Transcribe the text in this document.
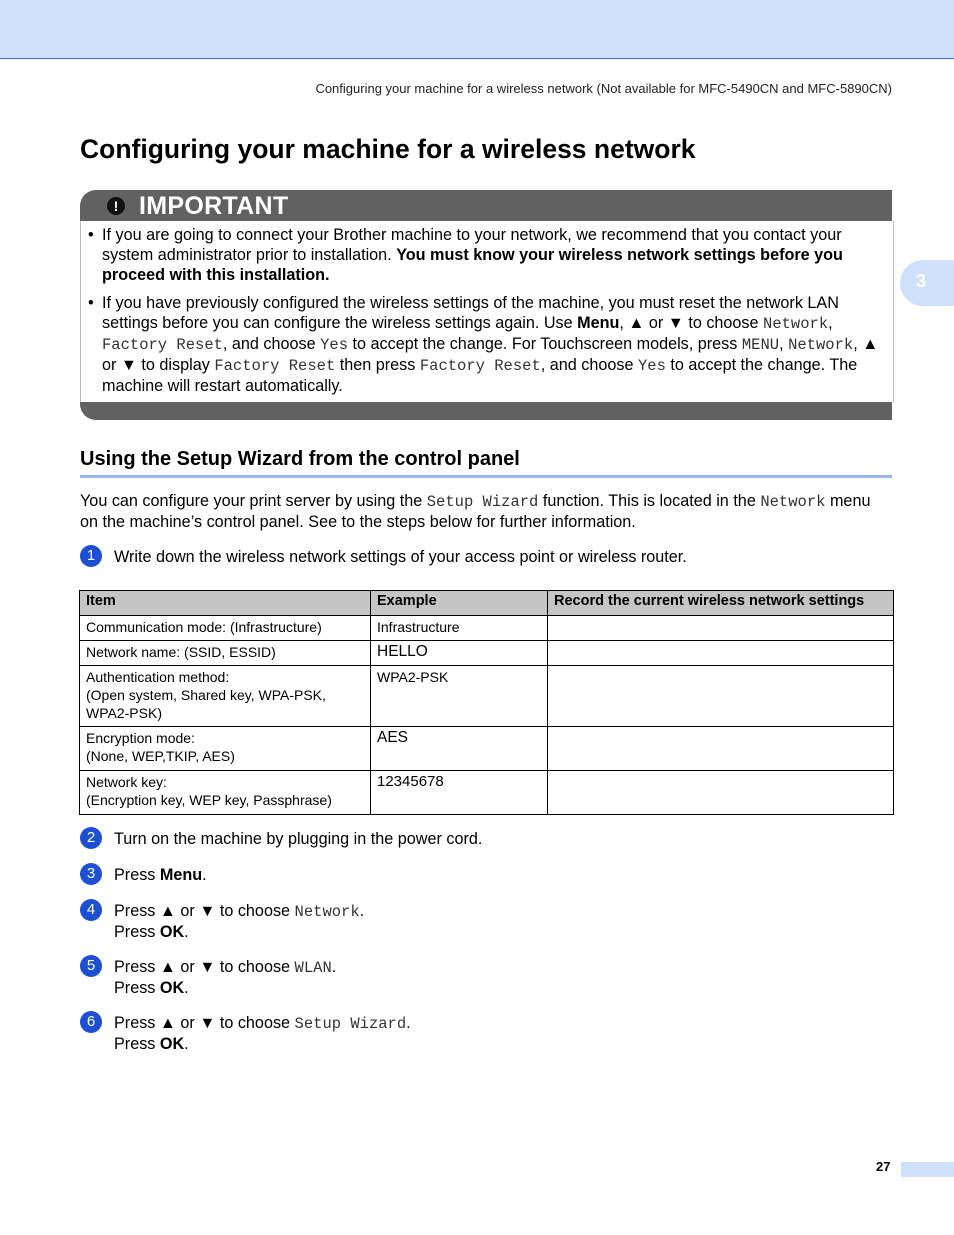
Configuring your machine for a wireless network (Not available for MFC-5490CN and MFC-5890CN)
3
Configuring your machine for a wireless network
! IMPORTANT
• If you are going to connect your Brother machine to your network, we recommend that you contact your system administrator prior to installation. You must know your wireless network settings before you proceed with this installation.
• If you have previously configured the wireless settings of the machine, you must reset the network LAN settings before you can configure the wireless settings again. Use Menu, ▲ or ▼ to choose Network, Factory Reset, and choose Yes to accept the change. For Touchscreen models, press MENU, Network, ▲ or ▼ to display Factory Reset then press Factory Reset, and choose Yes to accept the change. The machine will restart automatically.
Using the Setup Wizard from the control panel
You can configure your print server by using the Setup Wizard function. This is located in the Network menu on the machine’s control panel. See to the steps below for further information.
1	Write down the wireless network settings of your access point or wireless router.
Item	Example	Record the current wireless network settings

Communication mode: (Infrastructure)	Infrastructure	

Network name: (SSID, ESSID)	HELLO	

Authentication method:
(Open system, Shared key, WPA-PSK,
WPA2-PSK)	WPA2-PSK	

Encryption mode:
(None, WEP,TKIP, AES)	AES	

Network key:
(Encryption key, WEP key, Passphrase)	12345678	
2	Turn on the machine by plugging in the power cord.
3	Press Menu.
4	Press ▲ or ▼ to choose Network.
Press OK.
5	Press ▲ or ▼ to choose WLAN.
Press OK.
6	Press ▲ or ▼ to choose Setup Wizard.
Press OK.
27
